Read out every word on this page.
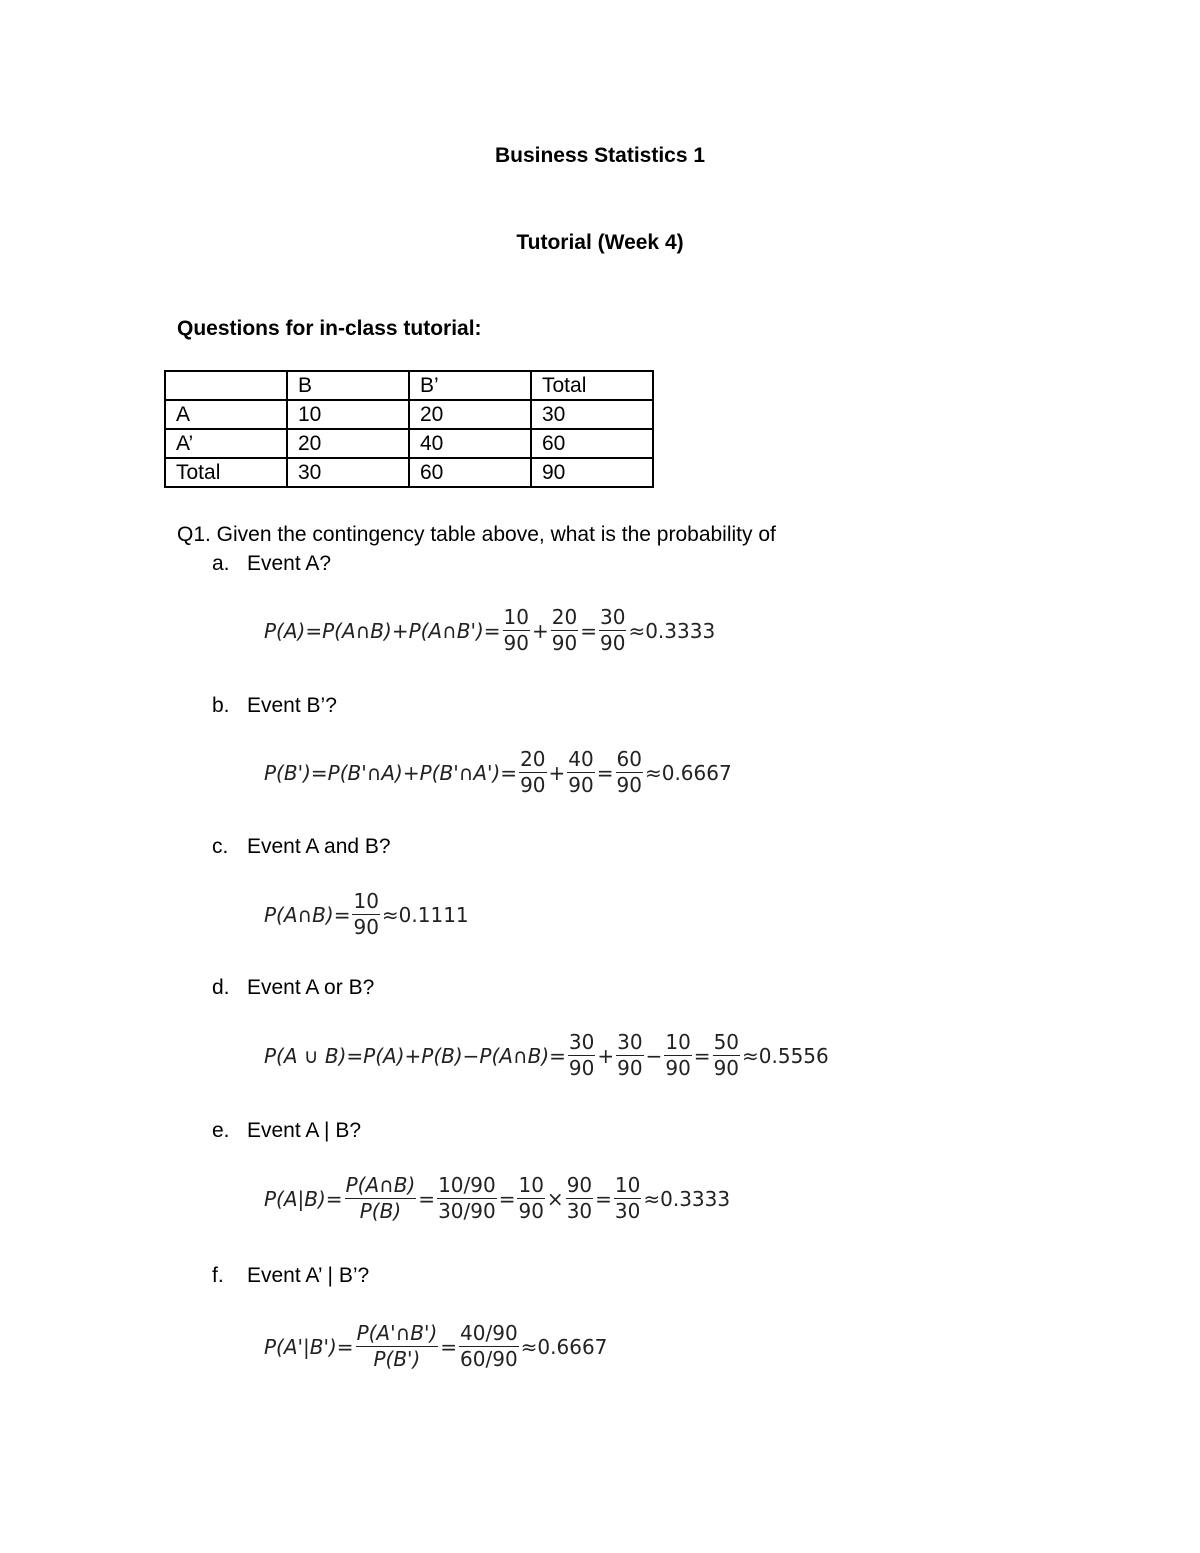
Business Statistics 1
Tutorial (Week 4)
Questions for in-class tutorial:
	B	B’	Total
A	10	20	30
A’	20	40	60
Total	30	60	90
Q1. Given the contingency table above, what is the probability of
a. Event A?
P(A)=P(A∩B)+P(A∩B')= $\frac{10}{90} + \frac{20}{90} = \frac{30}{90} \approx 0.3333$
b. Event B’?
P(B')=P(B'∩A)+P(B'∩A')= $\frac{20}{90} + \frac{40}{90} = \frac{60}{90} \approx 0.6667$
c. Event A and B?
P(A∩B)= $\frac{10}{90} \approx 0.1111$
d. Event A or B?
P(A ∪ B)=P(A)+P(B)−P(A∩B)= $\frac{30}{90} + \frac{30}{90} - \frac{10}{90} = \frac{50}{90} \approx 0.5556$
e. Event A | B?
$P(A|B)= \frac{P(A\cap B)}{P(B)} = \frac{10/90}{30/90} = \frac{10}{90} \times \frac{90}{30} = \frac{10}{30} \approx 0.3333$
f. Event A’ | B’?
$P(A'|B')= \frac{P(A'\cap B')}{P(B')} = \frac{40/90}{60/90} \approx 0.6667$
